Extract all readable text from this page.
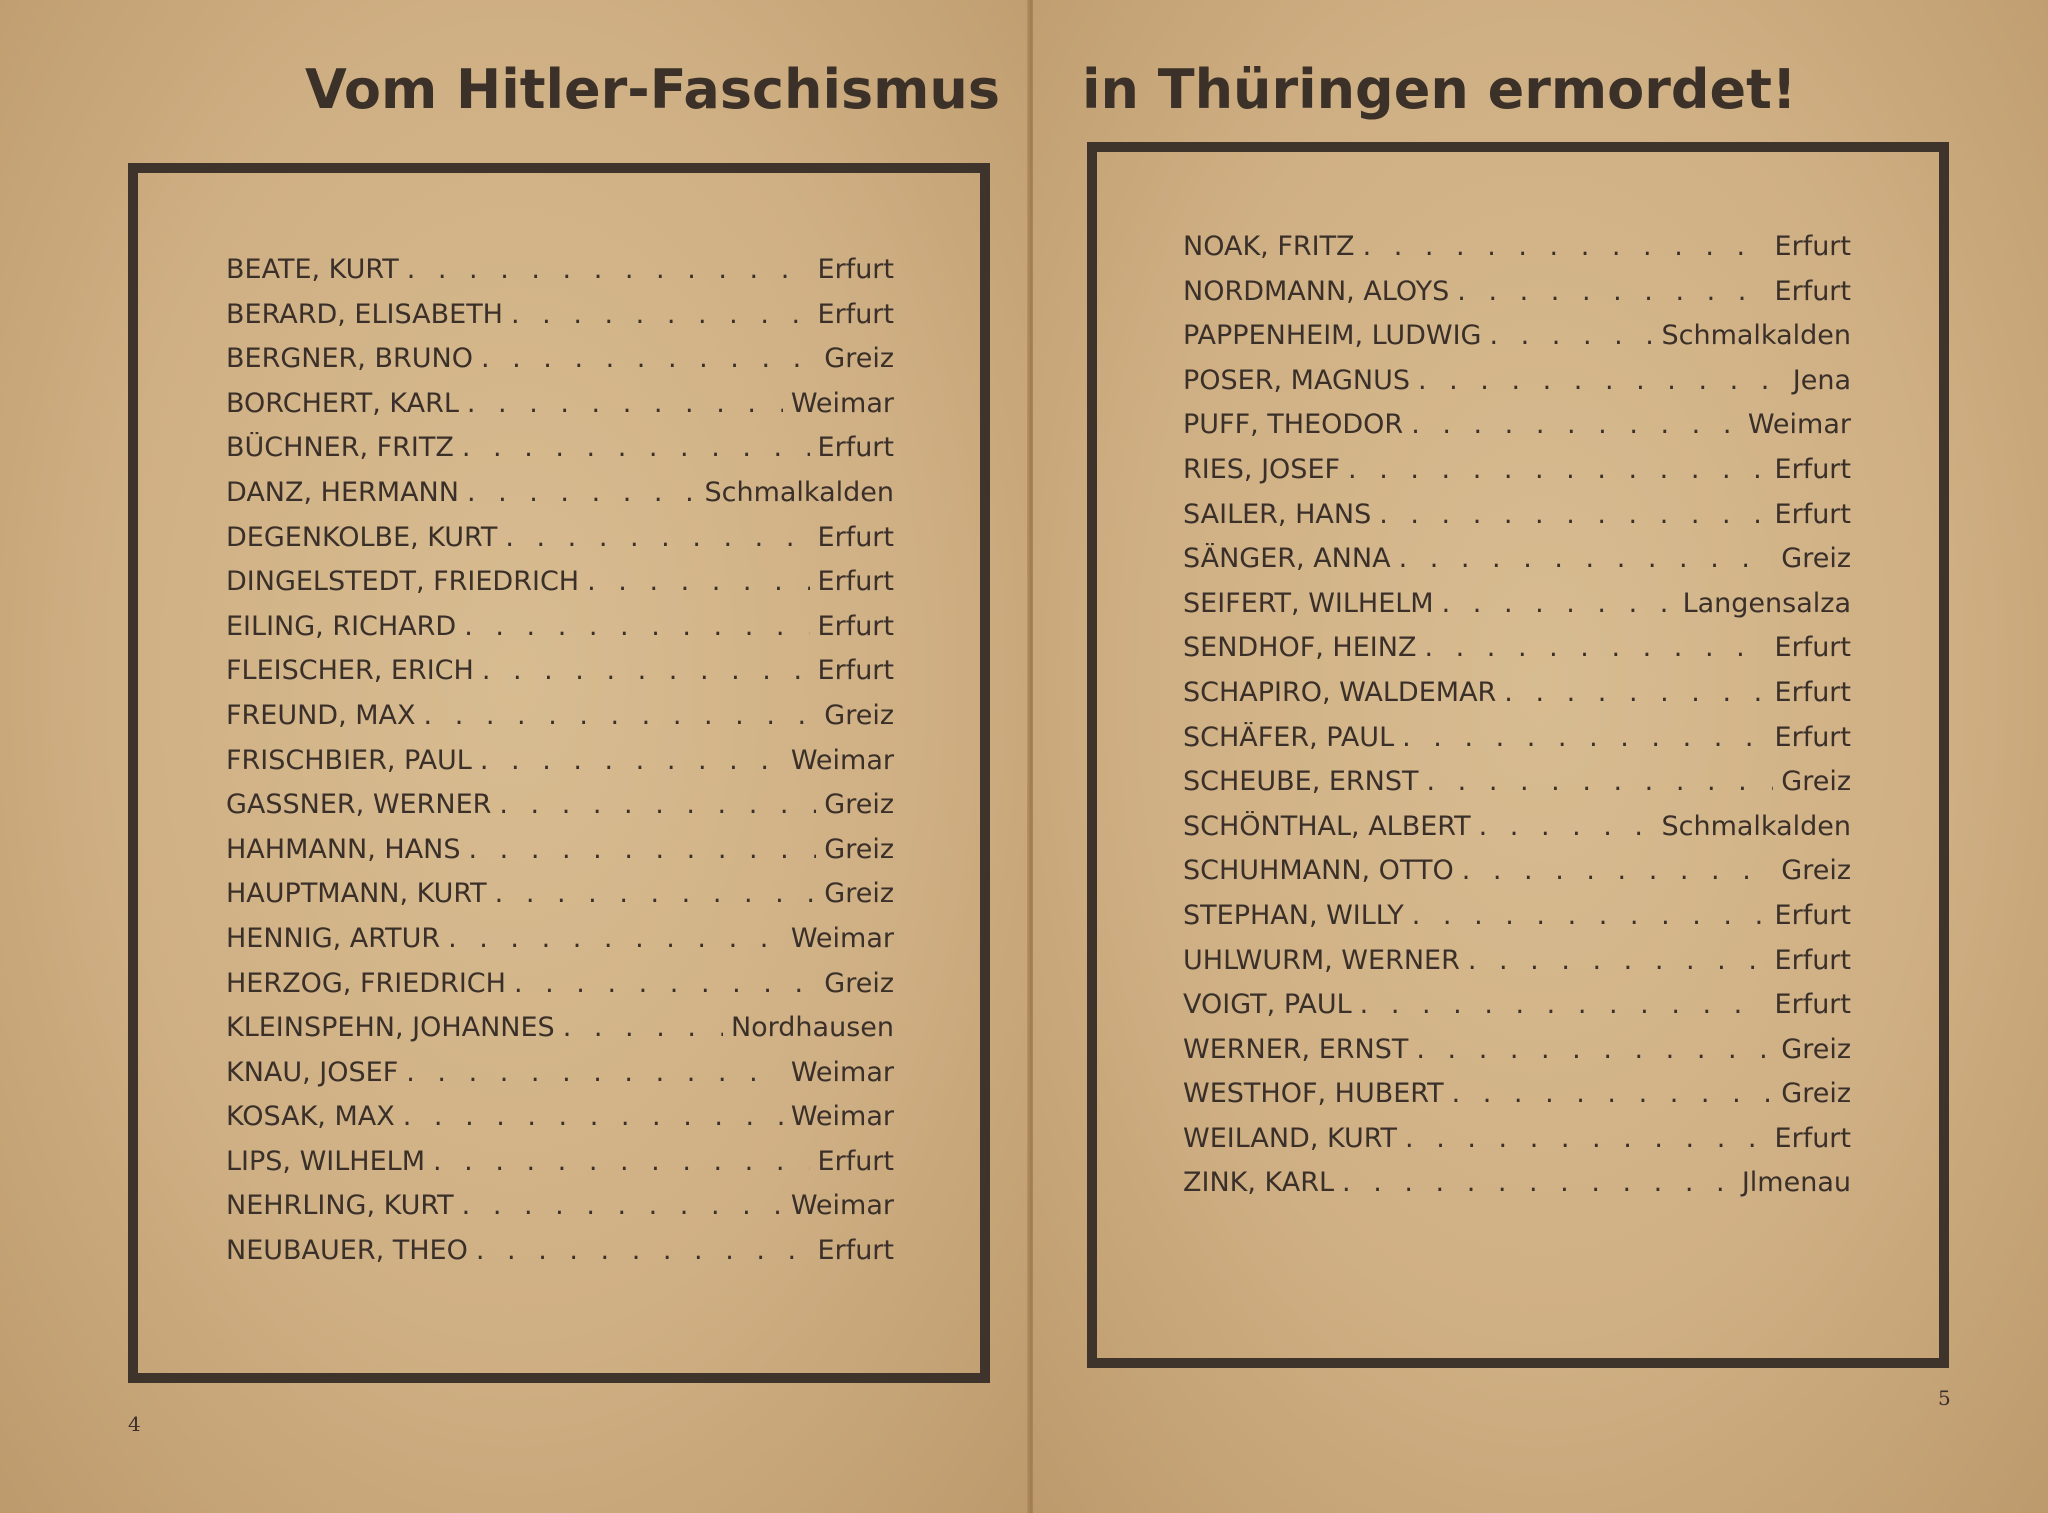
Vom Hitler-Faschismus
BEATE, KURT . . .	Erfurt
BERARD, ELISABETH . . .	Erfurt
BERGNER, BRUNO . . .	Greiz
BORCHERT, KARL . . .	Weimar
BÜCHNER, FRITZ . . .	Erfurt
DANZ, HERMANN . . .	Schmalkalden
DEGENKOLBE, KURT . . .	Erfurt
DINGELSTEDT, FRIEDRICH . . .	Erfurt
EILING, RICHARD . . .	Erfurt
FLEISCHER, ERICH . . .	Erfurt
FREUND, MAX . . .	Greiz
FRISCHBIER, PAUL . . .	Weimar
GASSNER, WERNER . . .	Greiz
HAHMANN, HANS . . .	Greiz
HAUPTMANN, KURT . . .	Greiz
HENNIG, ARTUR . . .	Weimar
HERZOG, FRIEDRICH . . .	Greiz
KLEINSPEHN, JOHANNES . . .	Nordhausen
KNAU, JOSEF . . .	Weimar
KOSAK, MAX . . .	Weimar
LIPS, WILHELM . . .	Erfurt
NEHRLING, KURT . . .	Weimar
NEUBAUER, THEO . . .	Erfurt
4
in Thüringen ermordet!
NOAK, FRITZ . . .	Erfurt
NORDMANN, ALOYS . . .	Erfurt
PAPPENHEIM, LUDWIG . . .	Schmalkalden
POSER, MAGNUS . . .	Jena
PUFF, THEODOR . . .	Weimar
RIES, JOSEF . . .	Erfurt
SAILER, HANS . . .	Erfurt
SÄNGER, ANNA . . .	Greiz
SEIFERT, WILHELM . . .	Langensalza
SENDHOF, HEINZ . . .	Erfurt
SCHAPIRO, WALDEMAR . . .	Erfurt
SCHÄFER, PAUL . . .	Erfurt
SCHEUBE, ERNST . . .	Greiz
SCHÖNTHAL, ALBERT . . .	Schmalkalden
SCHUHMANN, OTTO . . .	Greiz
STEPHAN, WILLY . . .	Erfurt
UHLWURM, WERNER . . .	Erfurt
VOIGT, PAUL . . .	Erfurt
WERNER, ERNST . . .	Greiz
WESTHOF, HUBERT . . .	Greiz
WEILAND, KURT . . .	Erfurt
ZINK, KARL . . .	Jlmenau
5
